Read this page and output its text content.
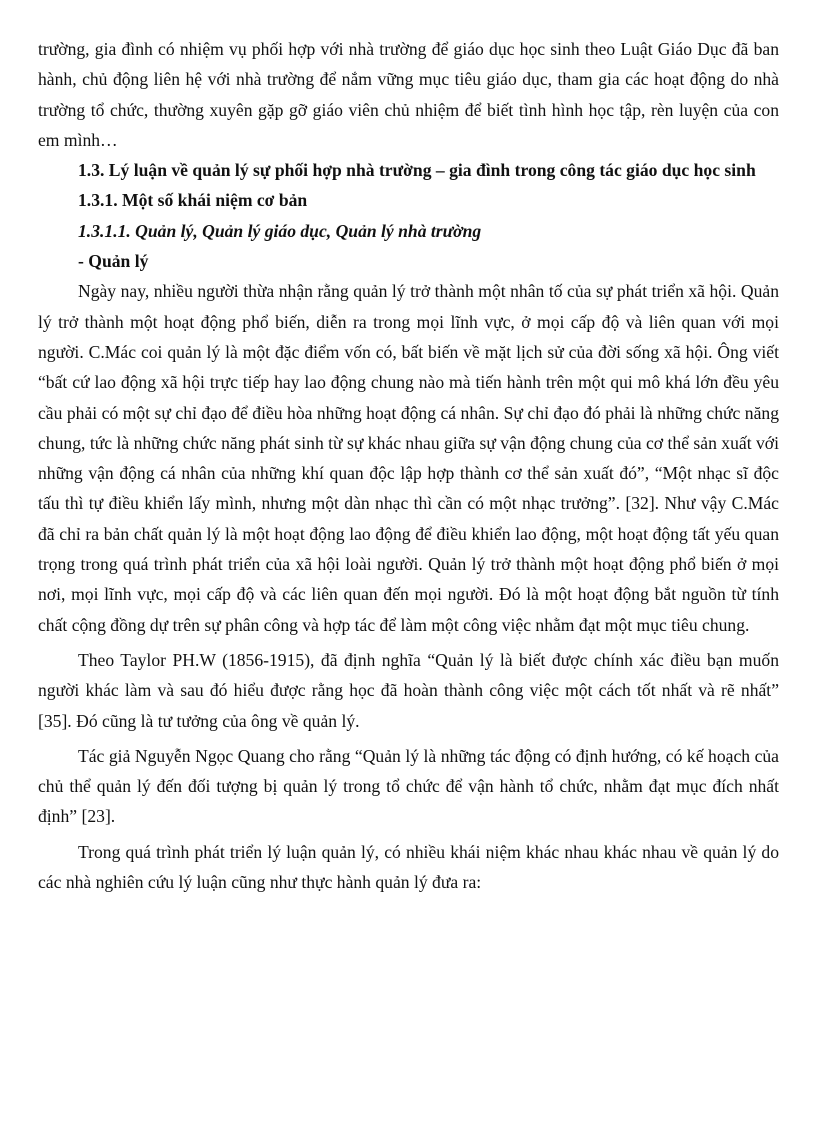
trường, gia đình có nhiệm vụ phối hợp với nhà trường để giáo dục học sinh theo Luật Giáo Dục đã ban hành, chủ động liên hệ với nhà trường để nắm vững mục tiêu giáo dục, tham gia các hoạt động do nhà trường tổ chức, thường xuyên gặp gỡ giáo viên chủ nhiệm để biết tình hình học tập, rèn luyện của con em mình…

1.3. Lý luận về quản lý sự phối hợp nhà trường – gia đình trong công tác giáo dục học sinh

1.3.1. Một số khái niệm cơ bản

1.3.1.1. Quản lý, Quản lý giáo dục, Quản lý nhà trường

- Quản lý

Ngày nay, nhiều người thừa nhận rằng quản lý trở thành một nhân tố của sự phát triển xã hội. Quản lý trở thành một hoạt động phổ biến, diễn ra trong mọi lĩnh vực, ở mọi cấp độ và liên quan với mọi người. C.Mác coi quản lý là một đặc điểm vốn có, bất biến về mặt lịch sử của đời sống xã hội. Ông viết “bất cứ lao động xã hội trực tiếp hay lao động chung nào mà tiến hành trên một qui mô khá lớn đều yêu cầu phải có một sự chỉ đạo để điều hòa những hoạt động cá nhân. Sự chỉ đạo đó phải là những chức năng chung, tức là những chức năng phát sinh từ sự khác nhau giữa sự vận động chung của cơ thể sản xuất với những vận động cá nhân của những khí quan độc lập hợp thành cơ thể sản xuất đó”, “Một nhạc sĩ độc tấu thì tự điều khiển lấy mình, nhưng một dàn nhạc thì cần có một nhạc trưởng”. [32]. Như vậy C.Mác đã chỉ ra bản chất quản lý là một hoạt động lao động để điều khiển lao động, một hoạt động tất yếu quan trọng trong quá trình phát triển của xã hội loài người. Quản lý trở thành một hoạt động phổ biến ở mọi nơi, mọi lĩnh vực, mọi cấp độ và các liên quan đến mọi người. Đó là một hoạt động bắt nguồn từ tính chất cộng đồng dự trên sự phân công và hợp tác để làm một công việc nhằm đạt một mục tiêu chung.

Theo Taylor PH.W (1856-1915), đã định nghĩa “Quản lý là biết được chính xác điều bạn muốn người khác làm và sau đó hiểu được rằng học đã hoàn thành công việc một cách tốt nhất và rẽ nhất” [35]. Đó cũng là tư tưởng của ông về quản lý.

Tác giả Nguyễn Ngọc Quang cho rằng “Quản lý là những tác động có định hướng, có kế hoạch của chủ thể quản lý đến đối tượng bị quản lý trong tổ chức để vận hành tổ chức, nhằm đạt mục đích nhất định” [23].

Trong quá trình phát triển lý luận quản lý, có nhiều khái niệm khác nhau khác nhau về quản lý do các nhà nghiên cứu lý luận cũng như thực hành quản lý đưa ra:
